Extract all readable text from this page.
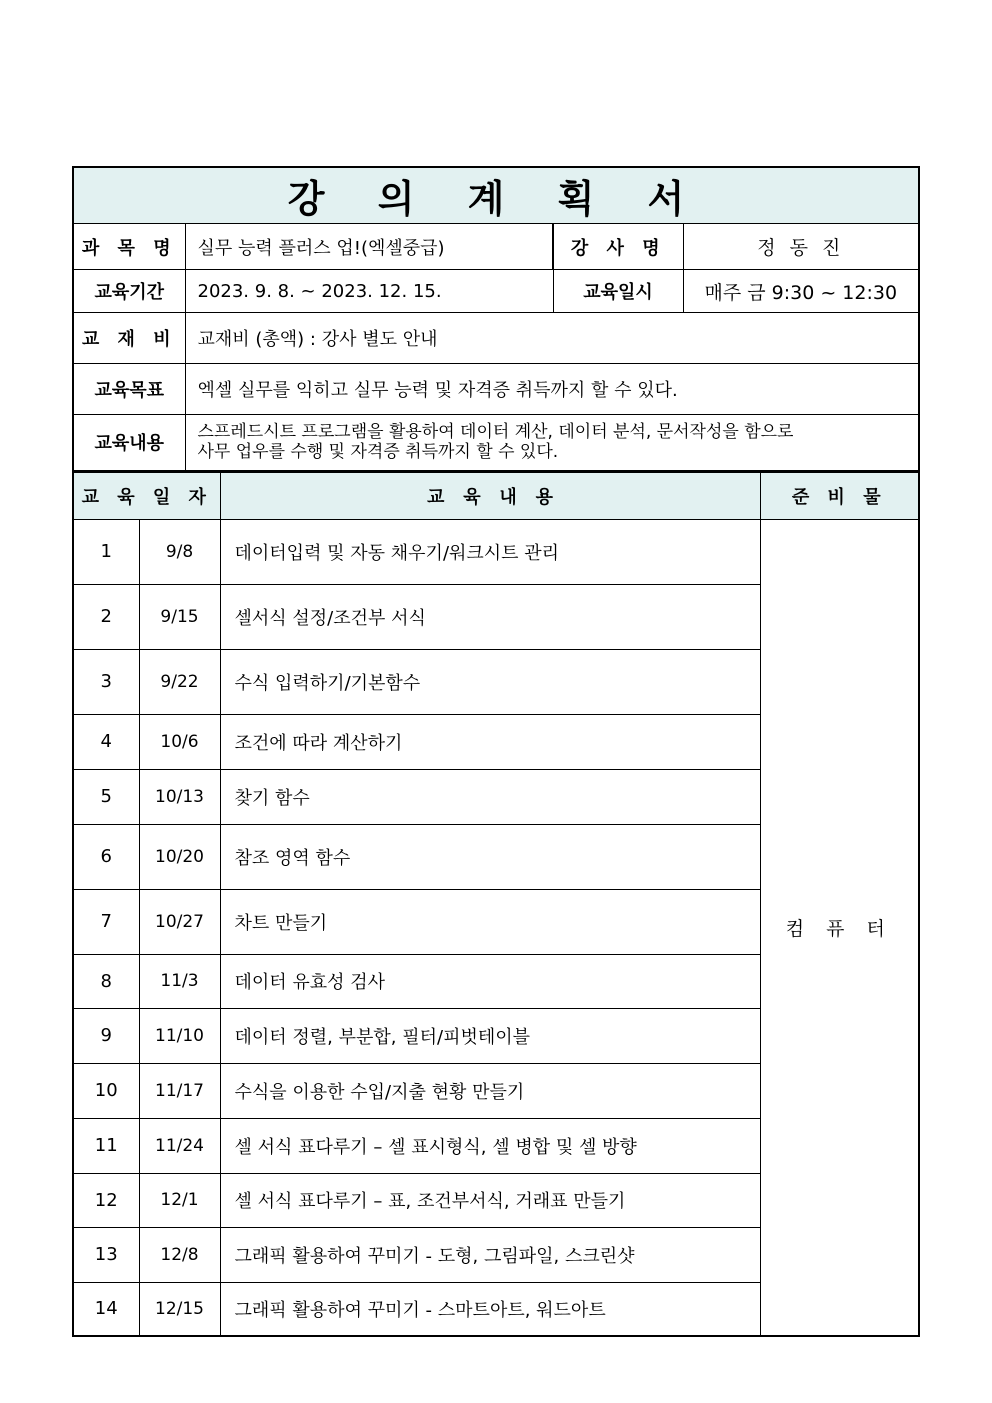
강 의 계 획 서			
과 목 명	실무 능력 플러스 업!(엑셀중급)	강 사 명	정 동 진
교육기간	2023. 9. 8. ~ 2023. 12. 15.	교육일시	매주 금 9:30 ~ 12:30
교 재 비	교재비 (총액) : 강사 별도 안내		
교육목표	엑셀 실무를 익히고 실무 능력 및 자격증 취득까지 할 수 있다.		
교육내용	스프레드시트 프로그램을 활용하여 데이터 계산, 데이터 분석, 문서작성을 함으로
사무 업우를 수행 및 자격증 취득까지 할 수 있다.		
교 육 일 자		교   육   내   용	준 비 물
1	9/8	데이터입력 및 자동 채우기/워크시트 관리	컴 퓨 터
2	9/15	셀서식 설정/조건부 서식	
3	9/22	수식 입력하기/기본함수	
4	10/6	조건에 따라 계산하기	
5	10/13	찾기 함수	
6	10/20	참조 영역 함수	
7	10/27	차트 만들기	
8	11/3	데이터 유효성 검사	
9	11/10	데이터 정렬, 부분합, 필터/피벗테이블	
10	11/17	수식을 이용한 수입/지출 현황 만들기	
11	11/24	셀 서식 표다루기 – 셀 표시형식, 셀 병합 및 셀 방향	
12	12/1	셀 서식 표다루기 – 표, 조건부서식, 거래표 만들기	
13	12/8	그래픽 활용하여 꾸미기 - 도형, 그림파일, 스크린샷	
14	12/15	그래픽 활용하여 꾸미기 - 스마트아트, 워드아트	
